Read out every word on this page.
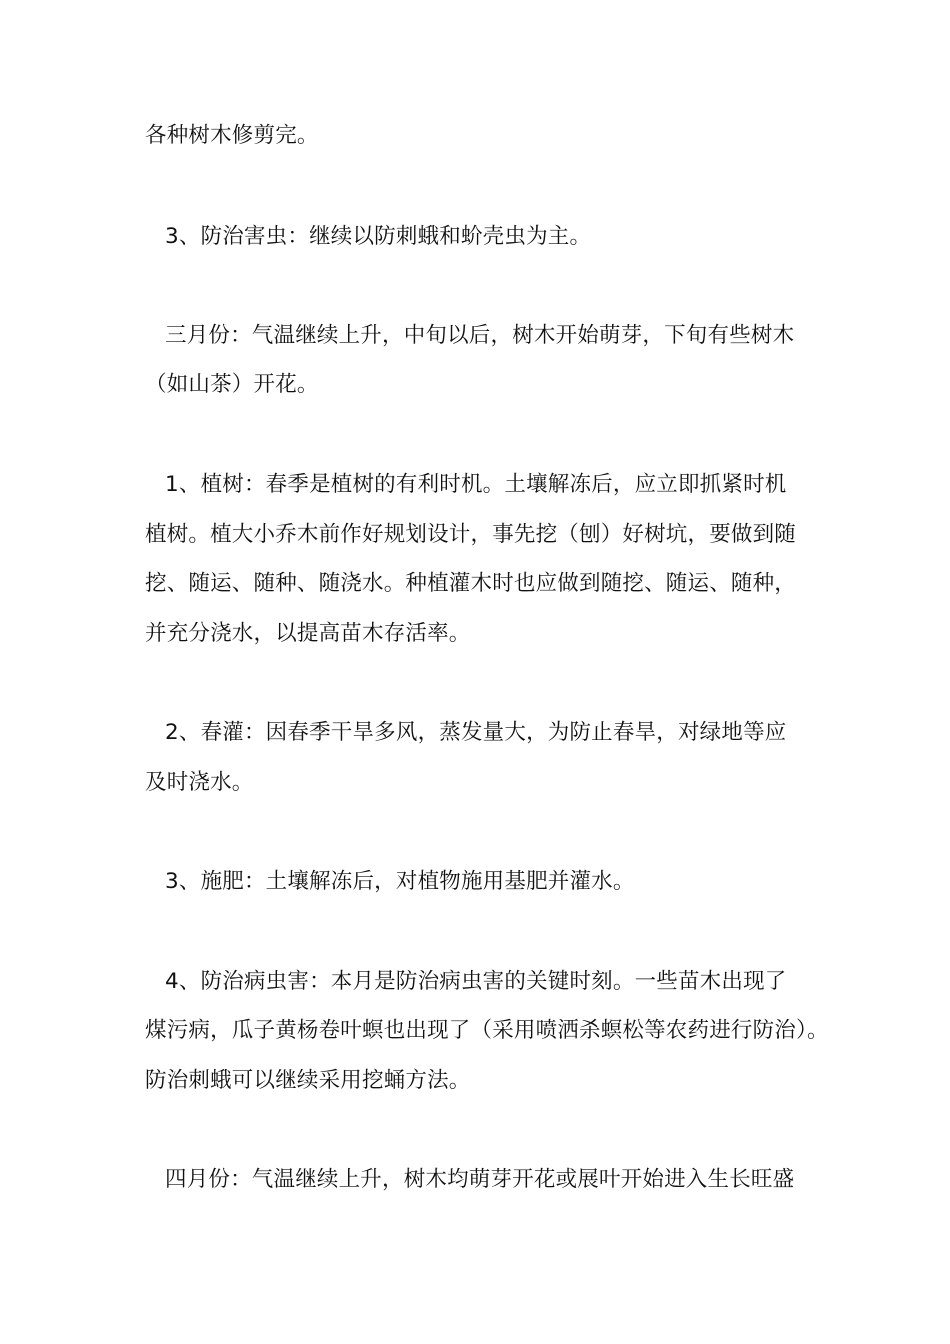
各种树木修剪完。
3、防治害虫：继续以防刺蛾和蚧壳虫为主。
三月份：气温继续上升，中旬以后，树木开始萌芽，下旬有些树木
（如山茶）开花。
1、植树：春季是植树的有利时机。土壤解冻后，应立即抓紧时机
植树。植大小乔木前作好规划设计，事先挖（刨）好树坑，要做到随
挖、随运、随种、随浇水。种植灌木时也应做到随挖、随运、随种，
并充分浇水，以提高苗木存活率。
2、春灌：因春季干旱多风，蒸发量大，为防止春旱，对绿地等应
及时浇水。
3、施肥：土壤解冻后，对植物施用基肥并灌水。
4、防治病虫害：本月是防治病虫害的关键时刻。一些苗木出现了
煤污病，瓜子黄杨卷叶螟也出现了（采用喷洒杀螟松等农药进行防治）。
防治刺蛾可以继续采用挖蛹方法。
四月份：气温继续上升，树木均萌芽开花或展叶开始进入生长旺盛
